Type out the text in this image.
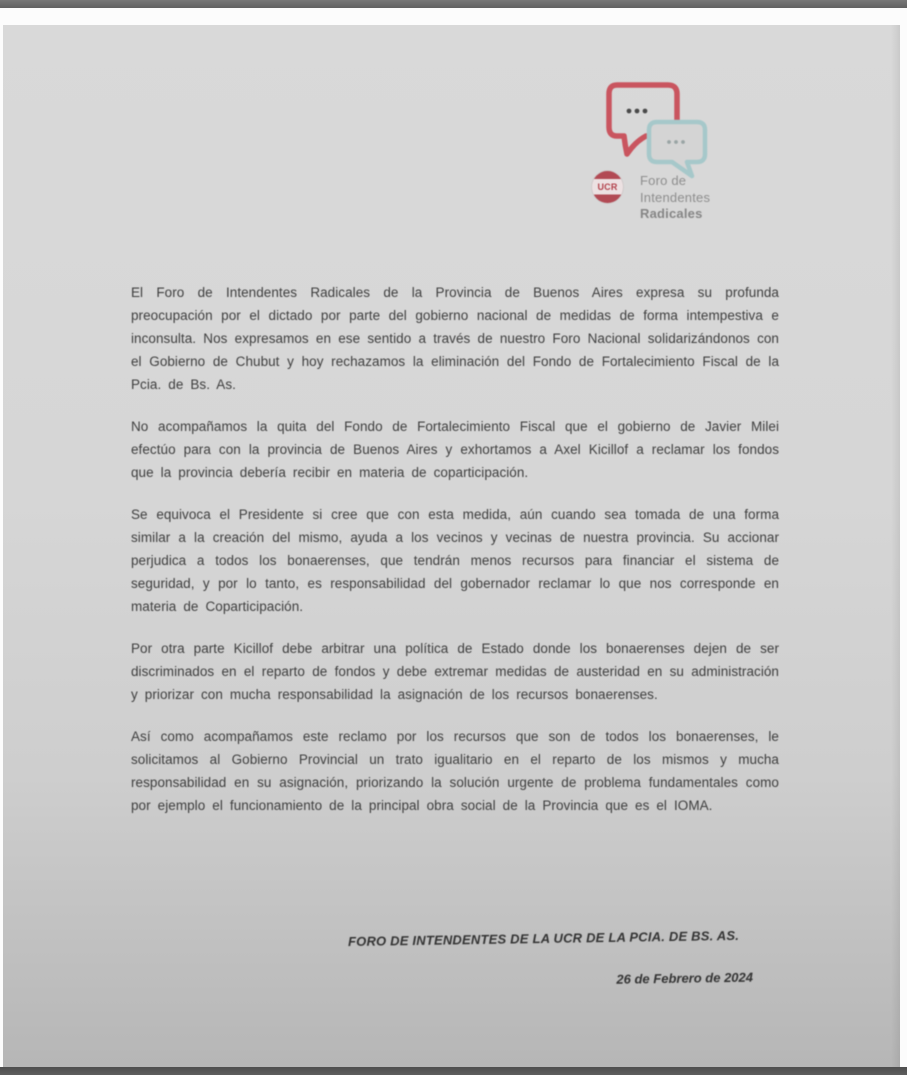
UCR Foro de
Intendentes
Radicales

El Foro de Intendentes Radicales de la Provincia de Buenos Aires expresa su profunda preocupación por el dictado por parte del gobierno nacional de medidas de forma intempestiva e inconsulta. Nos expresamos en ese sentido a través de nuestro Foro Nacional solidarizándonos con el Gobierno de Chubut y hoy rechazamos la eliminación del Fondo de Fortalecimiento Fiscal de la Pcia. de Bs. As.

No acompañamos la quita del Fondo de Fortalecimiento Fiscal que el gobierno de Javier Milei efectúo para con la provincia de Buenos Aires y exhortamos a Axel Kicillof a reclamar los fondos que la provincia debería recibir en materia de coparticipación.

Se equivoca el Presidente si cree que con esta medida, aún cuando sea tomada de una forma similar a la creación del mismo, ayuda a los vecinos y vecinas de nuestra provincia. Su accionar perjudica a todos los bonaerenses, que tendrán menos recursos para financiar el sistema de seguridad, y por lo tanto, es responsabilidad del gobernador reclamar lo que nos corresponde en materia de Coparticipación.

Por otra parte Kicillof debe arbitrar una política de Estado donde los bonaerenses dejen de ser discriminados en el reparto de fondos y debe extremar medidas de austeridad en su administración y priorizar con mucha responsabilidad la asignación de los recursos bonaerenses.

Así como acompañamos este reclamo por los recursos que son de todos los bonaerenses, le solicitamos al Gobierno Provincial un trato igualitario en el reparto de los mismos y mucha responsabilidad en su asignación, priorizando la solución urgente de problema fundamentales como por ejemplo el funcionamiento de la principal obra social de la Provincia que es el IOMA.

FORO DE INTENDENTES DE LA UCR DE LA PCIA. DE BS. AS.
26 de Febrero de 2024
